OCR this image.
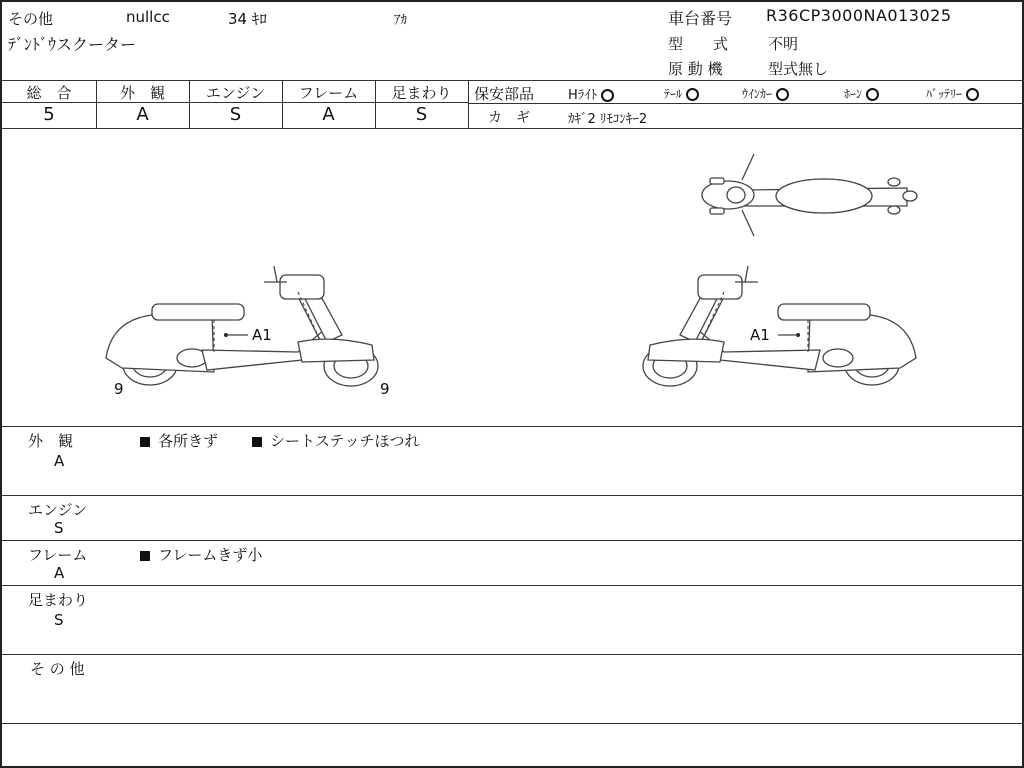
その他	nullcc	34 ｷﾛ	ｱｶ
ﾃﾞﾝﾄﾞｳスクーター
車台番号 R36CP3000NA013025
型　　式	不明
原 動 機	型式無し
総　合	外　観	エンジン	フレーム	足まわり
5	A	S	A	S
保安部品	Hﾗｲﾄ	ﾃｰﾙ	ｳｲﾝｶｰ	ﾎｰﾝ	ﾊﾞｯﾃﾘｰ
カ　ギ	ｶｷﾞ2 ﾘﾓｺﾝｷｰ2
A1	A1
9	9
外　観
A
各所きず	シートステッチほつれ
エンジン
S
フレーム
A
フレームきず小
足まわり
S
そ の 他
